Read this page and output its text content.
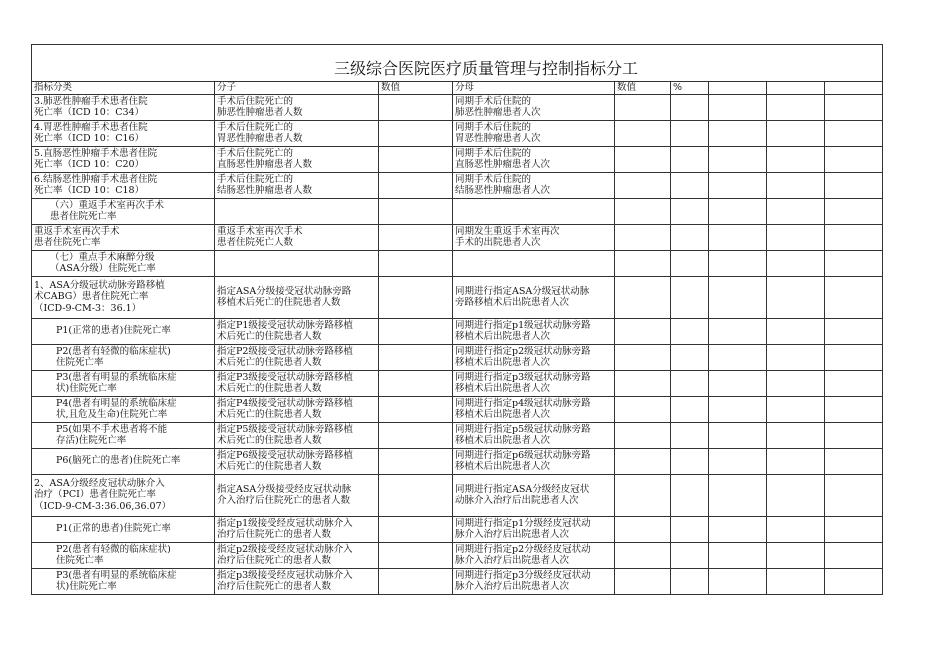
三级综合医院医疗质量管理与控制指标分工								

指标分类	分子	数值	分母	数值	%			
3.肺恶性肿瘤手术患者住院
死亡率（ICD 10：C34）	手术后住院死亡的
肺恶性肿瘤患者人数		同期手术后住院的
肺恶性肿瘤患者人次					
4.胃恶性肿瘤手术患者住院
死亡率（ICD 10：C16）	手术后住院死亡的
胃恶性肿瘤患者人数		同期手术后住院的
胃恶性肿瘤患者人次					
5.直肠恶性肿瘤手术患者住院
死亡率（ICD 10：C20）	手术后住院死亡的
直肠恶性肿瘤患者人数		同期手术后住院的
直肠恶性肿瘤患者人次					
6.结肠恶性肿瘤手术患者住院
死亡率（ICD 10：C18）	手术后住院死亡的
结肠恶性肿瘤患者人数		同期手术后住院的
结肠恶性肿瘤患者人次					
（六）重返手术室再次手术
患者住院死亡率								
重返手术室再次手术
患者住院死亡率	重返手术室再次手术
患者住院死亡人数		同期发生重返手术室再次
手术的出院患者人次					
（七）重点手术麻醉分级
（ASA分级）住院死亡率								
1、ASA分级冠状动脉旁路移植
术CABG）患者住院死亡率
（ICD-9-CM-3：36.1）	指定ASA分级接受冠状动脉旁路
移植术后死亡的住院患者人数		同期进行指定ASA分级冠状动脉
旁路移植术后出院患者人次					
P1(正常的患者)住院死亡率	指定P1级接受冠状动脉旁路移植
术后死亡的住院患者人数		同期进行指定p1级冠状动脉旁路
移植术后出院患者人次					
P2(患者有轻微的临床症状)
住院死亡率	指定P2级接受冠状动脉旁路移植
术后死亡的住院患者人数		同期进行指定p2级冠状动脉旁路
移植术后出院患者人次					
P3(患者有明显的系统临床症
状)住院死亡率	指定P3级接受冠状动脉旁路移植
术后死亡的住院患者人数		同期进行指定p3级冠状动脉旁路
移植术后出院患者人次					
P4(患者有明显的系统临床症
状,且危及生命)住院死亡率	指定P4级接受冠状动脉旁路移植
术后死亡的住院患者人数		同期进行指定p4级冠状动脉旁路
移植术后出院患者人次					
P5(如果不手术患者将不能
存活)住院死亡率	指定P5级接受冠状动脉旁路移植
术后死亡的住院患者人数		同期进行指定p5级冠状动脉旁路
移植术后出院患者人次					
P6(脑死亡的患者)住院死亡率	指定P6级接受冠状动脉旁路移植
术后死亡的住院患者人数		同期进行指定p6级冠状动脉旁路
移植术后出院患者人次					
2、ASA分级经皮冠状动脉介入
治疗（PCI）患者住院死亡率
（ICD-9-CM-3:36.06,36.07）	指定ASA分级接受经皮冠状动脉
介入治疗后住院死亡的患者人数		同期进行指定ASA分级经皮冠状
动脉介入治疗后出院患者人次					
P1(正常的患者)住院死亡率	指定p1级接受经皮冠状动脉介入
治疗后住院死亡的患者人数		同期进行指定p1分级经皮冠状动
脉介入治疗后出院患者人次					
P2(患者有轻微的临床症状)
住院死亡率	指定p2级接受经皮冠状动脉介入
治疗后住院死亡的患者人数		同期进行指定p2分级经皮冠状动
脉介入治疗后出院患者人次					
P3(患者有明显的系统临床症
状)住院死亡率	指定p3级接受经皮冠状动脉介入
治疗后住院死亡的患者人数		同期进行指定p3分级经皮冠状动
脉介入治疗后出院患者人次					
